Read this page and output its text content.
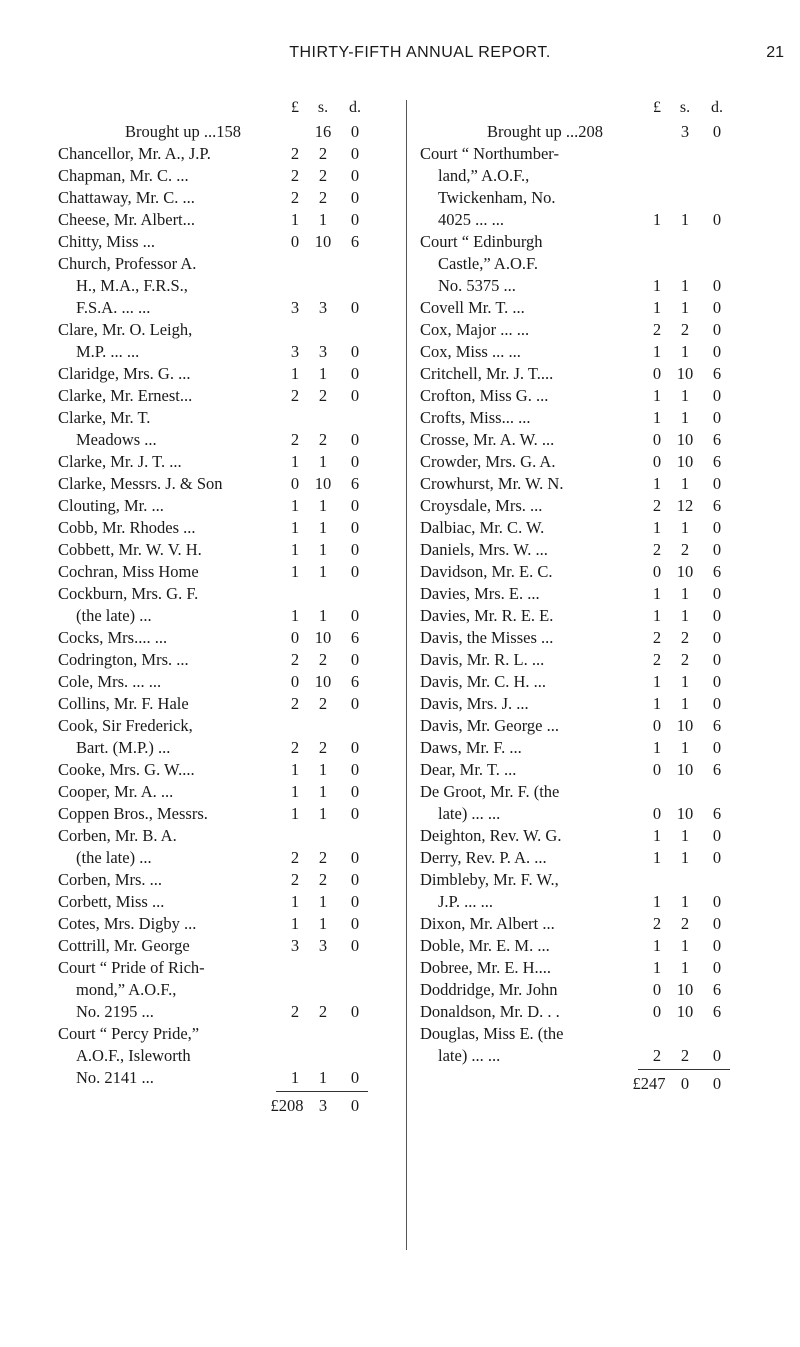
THIRTY-FIFTH ANNUAL REPORT.	21
£	s.	d.
Brought up ...158	16	0
Chancellor, Mr. A., J.P.	2	2	0
Chapman, Mr. C. ...	2	2	0
Chattaway, Mr. C. ...	2	2	0
Cheese, Mr. Albert...	1	1	0
Chitty, Miss ...	0 10	6
Church, Professor A.
H., M.A., F.R.S.,
F.S.A. ... ...	3	3	0
Clare, Mr. O. Leigh,
M.P. ... ...	3	3	0
Claridge, Mrs. G. ...	1	1	0
Clarke, Mr. Ernest...	2	2	0
Clarke, Mr. T.
Meadows ...	2	2	0
Clarke, Mr. J. T. ...	1	1	0
Clarke, Messrs. J. & Son	0 10	6
Clouting, Mr. ...	1	1	0
Cobb, Mr. Rhodes ...	1	1	0
Cobbett, Mr. W. V. H.	1	1	0
Cochran, Miss Home	1	1	0
Cockburn, Mrs. G. F.
(the late) ...	1	1	0
Cocks, Mrs.... ...	0 10	6
Codrington, Mrs. ...	2	2	0
Cole, Mrs. ... ...	0 10	6
Collins, Mr. F. Hale	2	2	0
Cook, Sir Frederick,
Bart. (M.P.) ...	2	2	0
Cooke, Mrs. G. W....	1	1	0
Cooper, Mr. A. ...	1	1	0
Coppen Bros., Messrs.	1	1	0
Corben, Mr. B. A.
(the late) ...	2	2	0
Corben, Mrs. ...	2	2	0
Corbett, Miss ...	1	1	0
Cotes, Mrs. Digby ...	1	1	0
Cottrill, Mr. George	3	3	0
Court “ Pride of Rich-
mond,” A.O.F.,
No. 2195 ...	2	2	0
Court “ Percy Pride,”
A.O.F., Isleworth
No. 2141 ...	1	1	0
£208 3	0
£	s.	d.
Brought up ...208	3	0
Court “ Northumber-
land,” A.O.F.,
Twickenham, No.
4025 ... ...	1	1	0
Court “ Edinburgh
Castle,” A.O.F.
No. 5375 ...	1	1	0
Covell Mr. T. ...	1	1	0
Cox, Major ... ...	2	2	0
Cox, Miss ... ...	1	1	0
Critchell, Mr. J. T....	0 10	6
Crofton, Miss G. ...	1	1	0
Crofts, Miss... ...	1	1	0
Crosse, Mr. A. W. ...	0 10	6
Crowder, Mrs. G. A.	0 10	6
Crowhurst, Mr. W. N.	1	1	0
Croysdale, Mrs. ...	2 12	6
Dalbiac, Mr. C. W.	1	1	0
Daniels, Mrs. W. ...	2	2	0
Davidson, Mr. E. C.	0 10	6
Davies, Mrs. E. ...	1	1	0
Davies, Mr. R. E. E.	1	1	0
Davis, the Misses ...	2	2	0
Davis, Mr. R. L. ...	2	2	0
Davis, Mr. C. H. ...	1	1	0
Davis, Mrs. J. ...	1	1	0
Davis, Mr. George ...	0 10	6
Daws, Mr. F. ...	1	1	0
Dear, Mr. T. ...	0 10	6
De Groot, Mr. F. (the
late) ... ...	0 10	6
Deighton, Rev. W. G.	1	1	0
Derry, Rev. P. A. ...	1	1	0
Dimbleby, Mr. F. W.,
J.P. ... ...	1	1	0
Dixon, Mr. Albert ...	2	2	0
Doble, Mr. E. M. ...	1	1	0
Dobree, Mr. E. H....	1	1	0
Doddridge, Mr. John	0 10	6
Donaldson, Mr. D. . .	0 10	6
Douglas, Miss E. (the
late) ... ...	2	2	0
£247 0	0
